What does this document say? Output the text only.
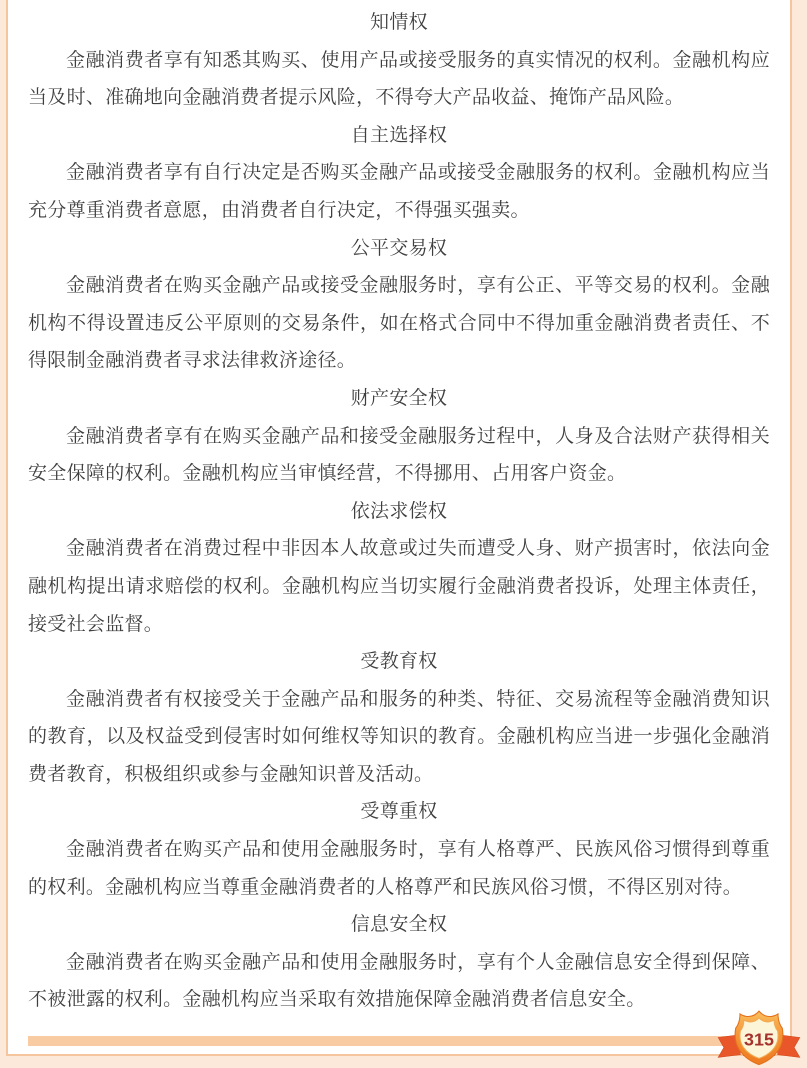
知情权

金融消费者享有知悉其购买、使用产品或接受服务的真实情况的权利。金融机构应当及时、准确地向金融消费者提示风险，不得夸大产品收益、掩饰产品风险。

自主选择权

金融消费者享有自行决定是否购买金融产品或接受金融服务的权利。金融机构应当充分尊重消费者意愿，由消费者自行决定，不得强买强卖。

公平交易权

金融消费者在购买金融产品或接受金融服务时，享有公正、平等交易的权利。金融机构不得设置违反公平原则的交易条件，如在格式合同中不得加重金融消费者责任、不得限制金融消费者寻求法律救济途径。

财产安全权

金融消费者享有在购买金融产品和接受金融服务过程中，人身及合法财产获得相关安全保障的权利。金融机构应当审慎经营，不得挪用、占用客户资金。

依法求偿权

金融消费者在消费过程中非因本人故意或过失而遭受人身、财产损害时，依法向金融机构提出请求赔偿的权利。金融机构应当切实履行金融消费者投诉，处理主体责任，接受社会监督。

受教育权

金融消费者有权接受关于金融产品和服务的种类、特征、交易流程等金融消费知识的教育，以及权益受到侵害时如何维权等知识的教育。金融机构应当进一步强化金融消费者教育，积极组织或参与金融知识普及活动。

受尊重权

金融消费者在购买产品和使用金融服务时，享有人格尊严、民族风俗习惯得到尊重的权利。金融机构应当尊重金融消费者的人格尊严和民族风俗习惯，不得区别对待。

信息安全权

金融消费者在购买金融产品和使用金融服务时，享有个人金融信息安全得到保障、不被泄露的权利。金融机构应当采取有效措施保障金融消费者信息安全。

315
